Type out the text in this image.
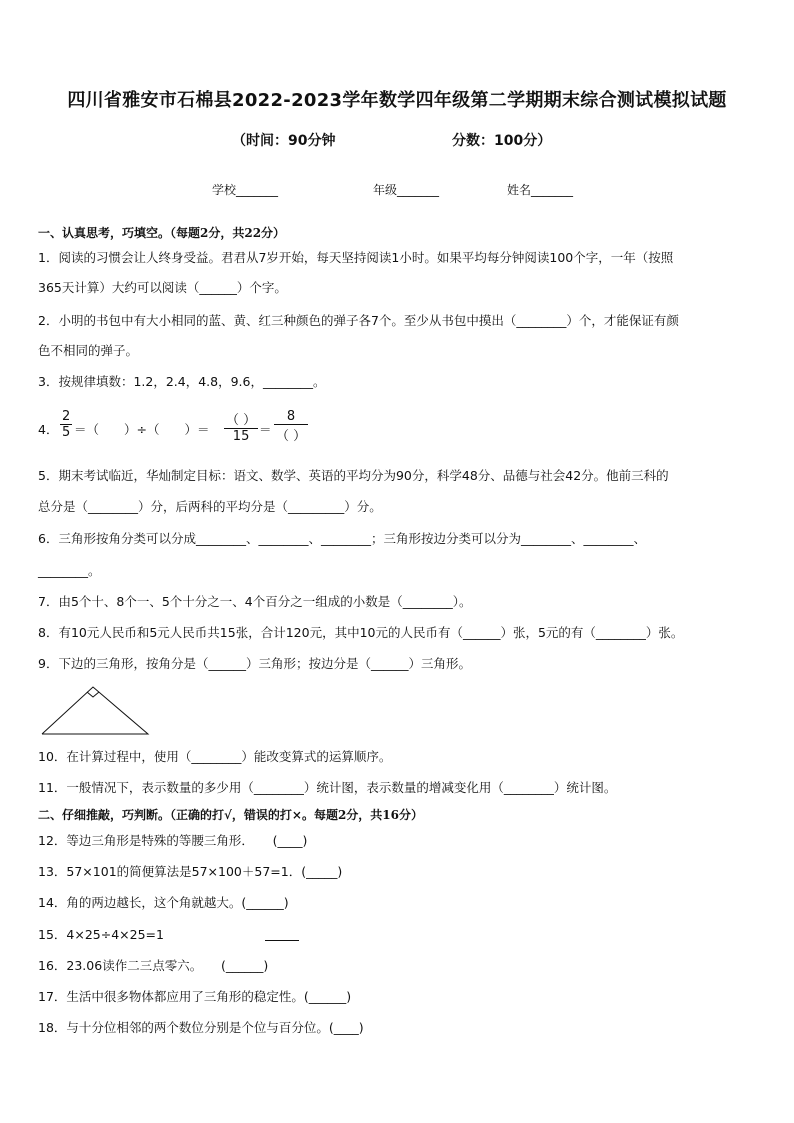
四川省雅安市石棉县2022-2023学年数学四年级第二学期期末综合测试模拟试题
（时间：90分钟	分数：100分）
学校_______	年级_______	姓名_______
一、认真思考，巧填空。（每题2分，共22分）
1．阅读的习惯会让人终身受益。君君从7岁开始，每天坚持阅读1小时。如果平均每分钟阅读100个字，一年（按照
365天计算）大约可以阅读（______）个字。
2．小明的书包中有大小相同的蓝、黄、红三种颜色的弹子各7个。至少从书包中摸出（________）个，才能保证有颜
色不相同的弹子。
3．按规律填数：1.2，2.4，4.8，9.6，________。
4． $\frac{2}{5}$ ＝（　　）÷（　　）＝
（ ）
15 ＝
8
（ ）
5．期末考试临近，华灿制定目标：语文、数学、英语的平均分为90分，科学48分、品德与社会42分。他前三科的
总分是（________）分，后两科的平均分是（_________）分。
6．三角形按角分类可以分成________、________、________；三角形按边分类可以分为________、________、
________。
7．由5个十、8个一、5个十分之一、4个百分之一组成的小数是（________）。
8．有10元人民币和5元人民币共15张，合计120元，其中10元的人民币有（______）张，5元的有（________）张。
9．下边的三角形，按角分是（______）三角形；按边分是（______）三角形。
10．在计算过程中，使用（________）能改变算式的运算顺序。
11．一般情况下，表示数量的多少用（________）统计图，表示数量的增减变化用（________）统计图。
二、仔细推敲，巧判断。（正确的打√，错误的打×。每题2分，共16分）
12．等边三角形是特殊的等腰三角形．　　(____)
13．57×101的简便算法是57×100＋57=1．(_____)
14．角的两边越长，这个角就越大。(______)
15．4×25÷4×25=1
16．23.06读作二三点零六。　　(______)
17．生活中很多物体都应用了三角形的稳定性。(______)
18．与十分位相邻的两个数位分别是个位与百分位。(____)
